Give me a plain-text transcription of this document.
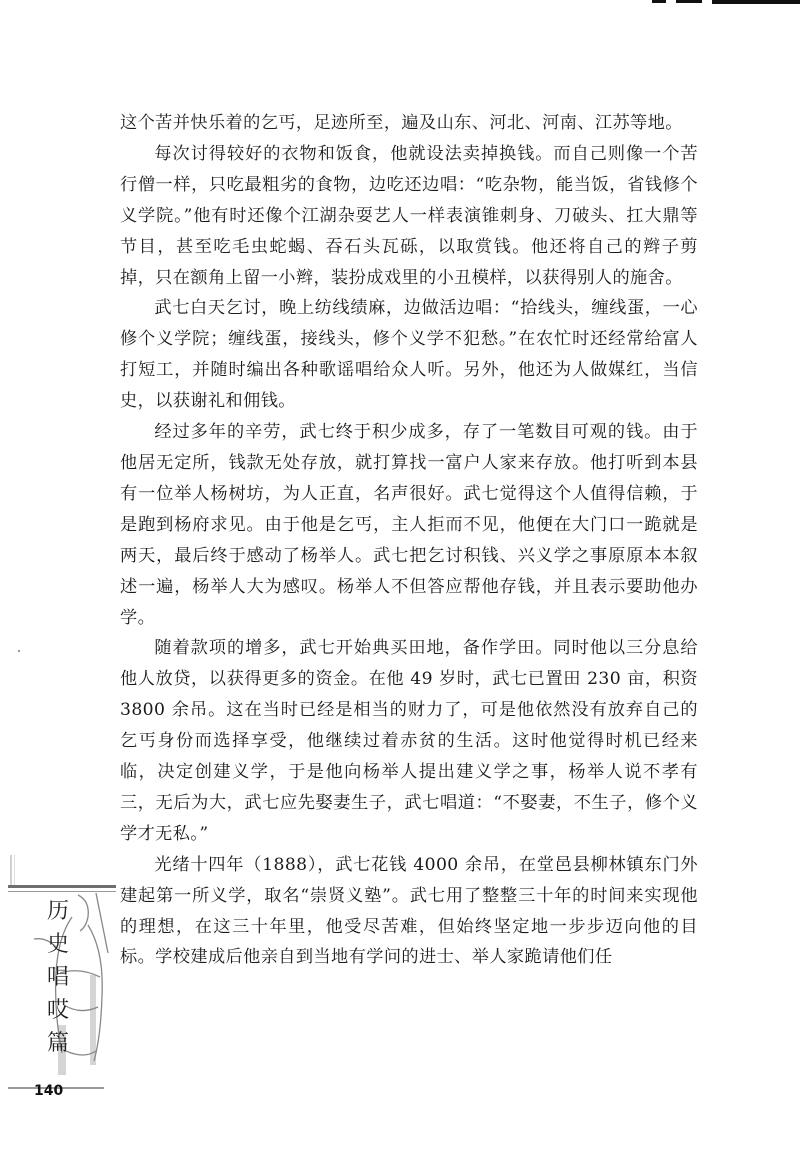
这个苦并快乐着的乞丐，足迹所至，遍及山东、河北、河南、江苏等地。

每次讨得较好的衣物和饭食，他就设法卖掉换钱。而自己则像一个苦行僧一样，只吃最粗劣的食物，边吃还边唱：“吃杂物，能当饭，省钱修个义学院。”他有时还像个江湖杂耍艺人一样表演锥刺身、刀破头、扛大鼎等节目，甚至吃毛虫蛇蝎、吞石头瓦砾，以取赏钱。他还将自己的辫子剪掉，只在额角上留一小辫，装扮成戏里的小丑模样，以获得别人的施舍。

武七白天乞讨，晚上纺线绩麻，边做活边唱：“拾线头，缠线蛋，一心修个义学院；缠线蛋，接线头，修个义学不犯愁。”在农忙时还经常给富人打短工，并随时编出各种歌谣唱给众人听。另外，他还为人做媒红，当信史，以获谢礼和佣钱。

经过多年的辛劳，武七终于积少成多，存了一笔数目可观的钱。由于他居无定所，钱款无处存放，就打算找一富户人家来存放。他打听到本县有一位举人杨树坊，为人正直，名声很好。武七觉得这个人值得信赖，于是跑到杨府求见。由于他是乞丐，主人拒而不见，他便在大门口一跪就是两天，最后终于感动了杨举人。武七把乞讨积钱、兴义学之事原原本本叙述一遍，杨举人大为感叹。杨举人不但答应帮他存钱，并且表示要助他办学。

随着款项的增多，武七开始典买田地，备作学田。同时他以三分息给他人放贷，以获得更多的资金。在他 49 岁时，武七已置田 230 亩，积资 3800 余吊。这在当时已经是相当的财力了，可是他依然没有放弃自己的乞丐身份而选择享受，他继续过着赤贫的生活。这时他觉得时机已经来临，决定创建义学，于是他向杨举人提出建义学之事，杨举人说不孝有三，无后为大，武七应先娶妻生子，武七唱道：“不娶妻，不生子，修个义学才无私。”

光绪十四年（1888），武七花钱 4000 余吊，在堂邑县柳林镇东门外建起第一所义学，取名“崇贤义塾”。武七用了整整三十年的时间来实现他的理想，在这三十年里，他受尽苦难，但始终坚定地一步步迈向他的目标。学校建成后他亲自到当地有学问的进士、举人家跪请他们任

历
史
唱
哎
篇
140
